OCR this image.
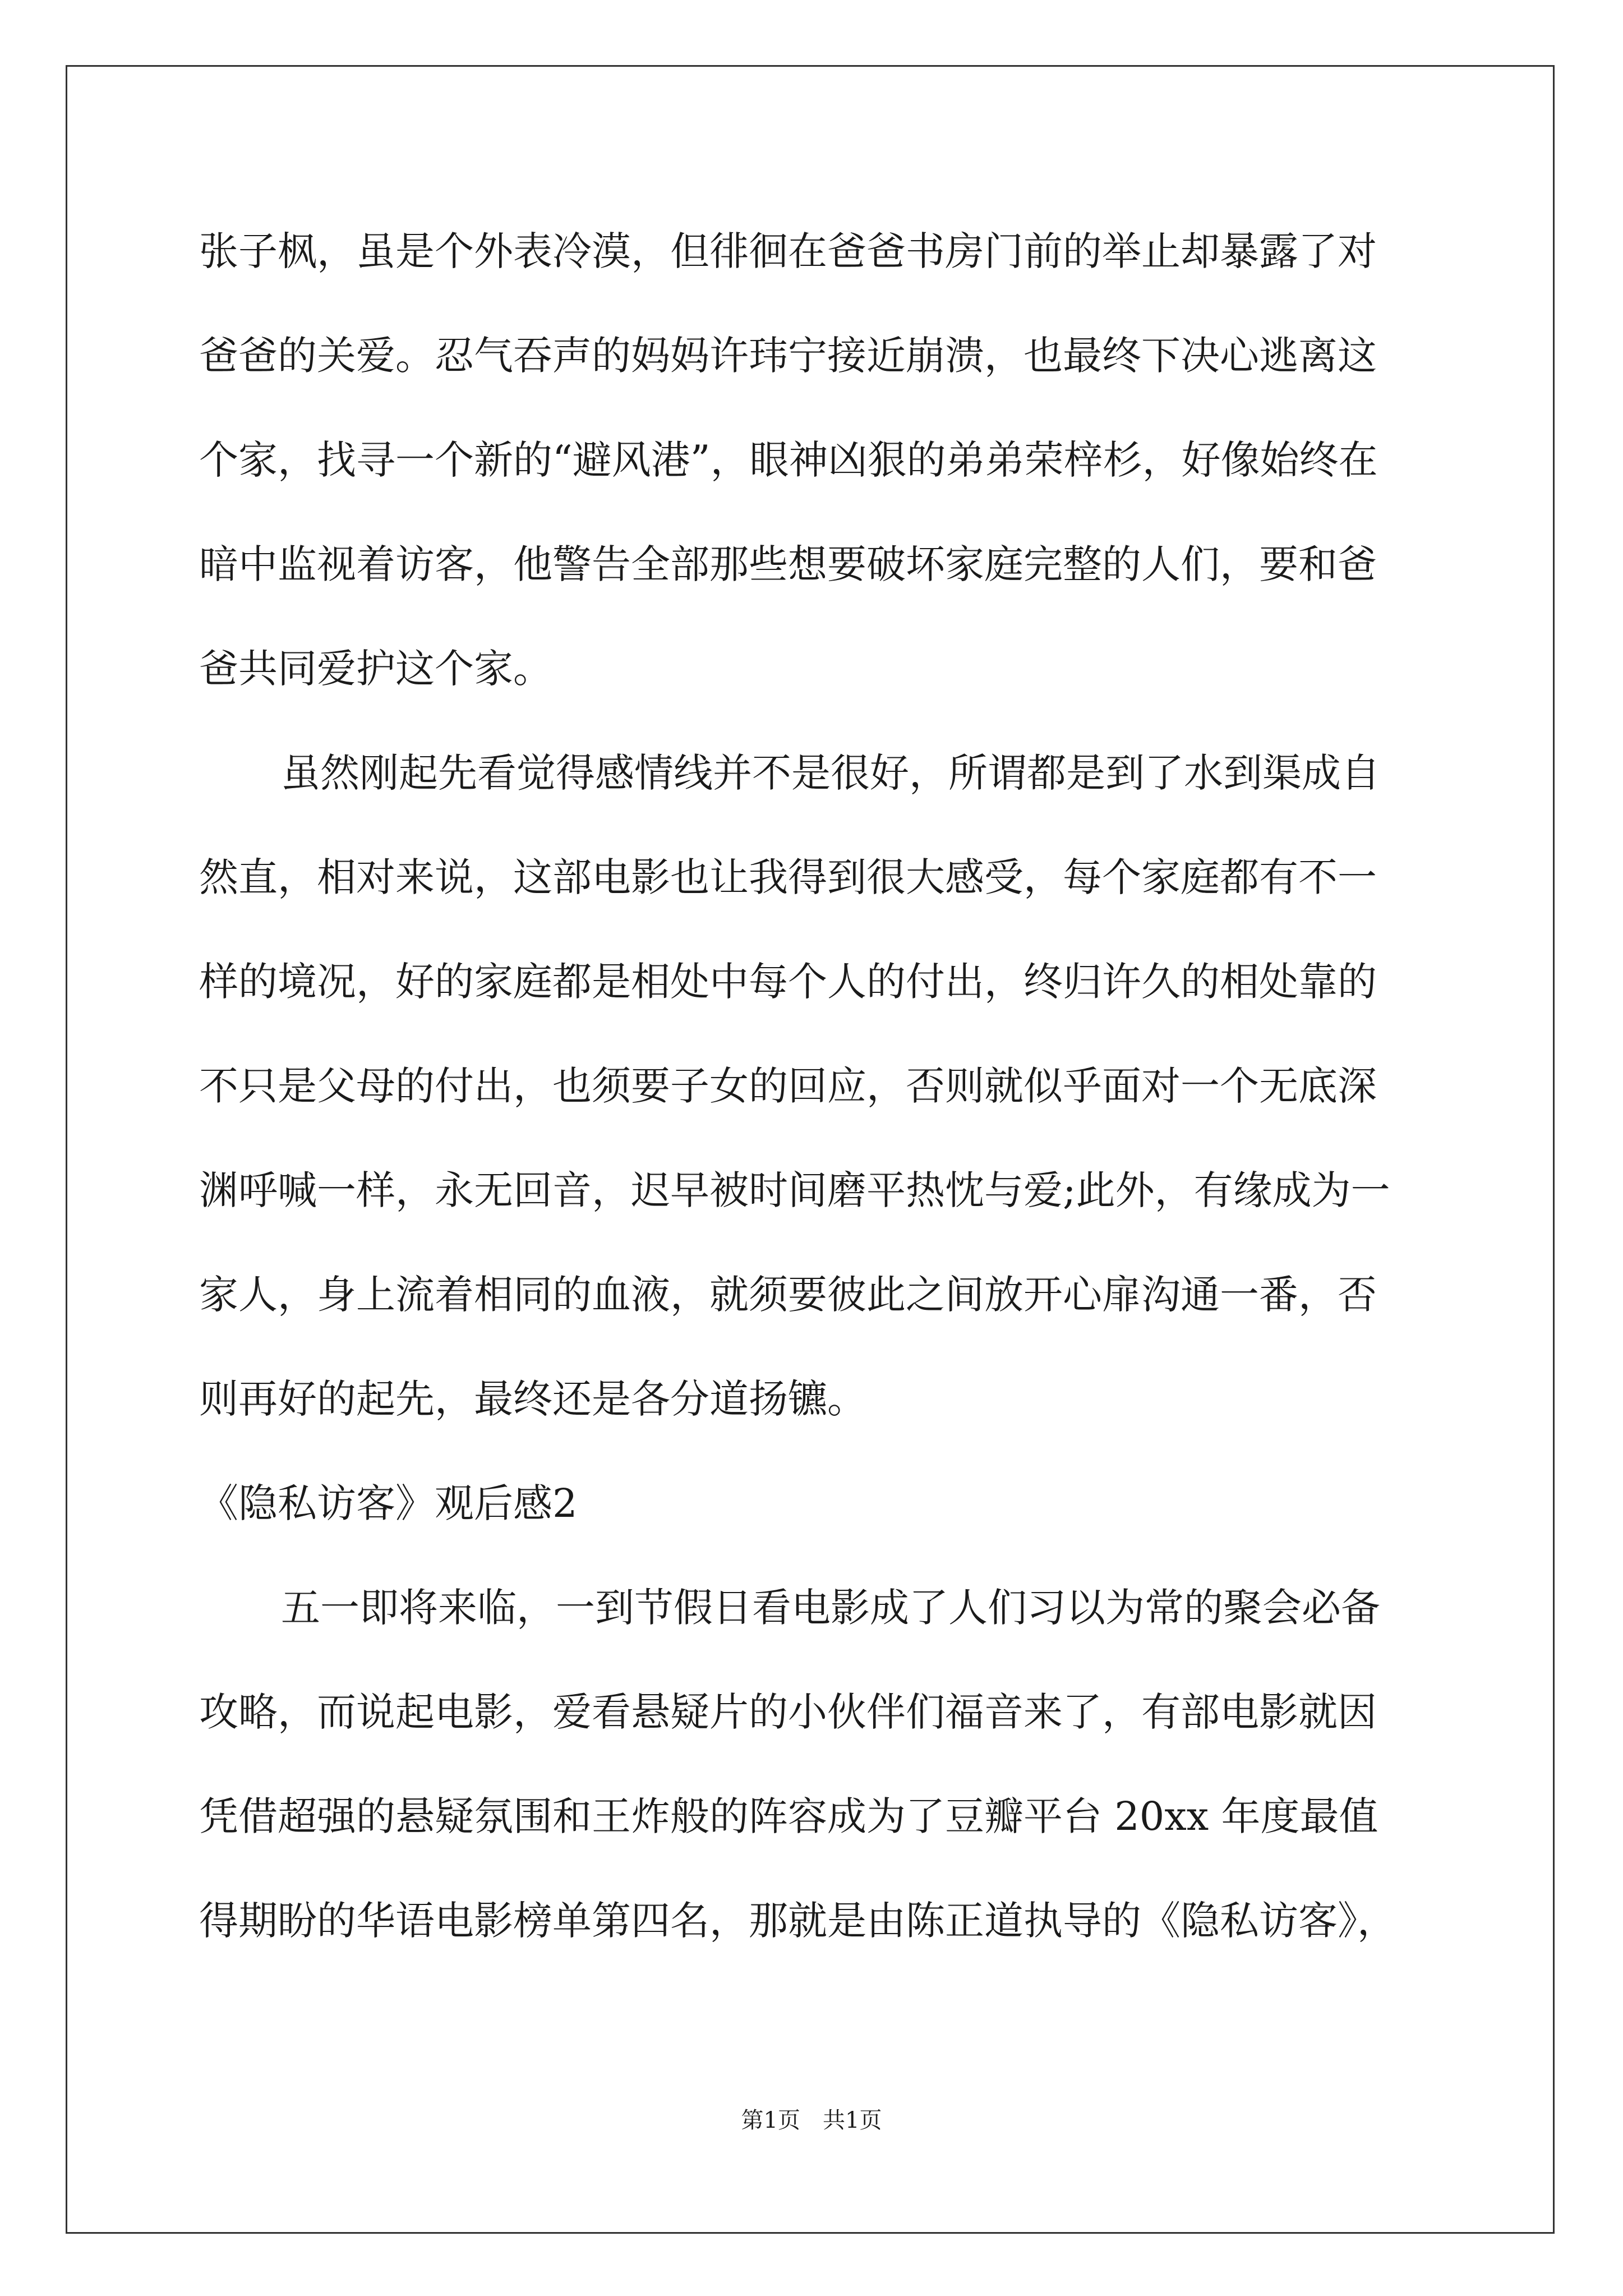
张子枫，虽是个外表冷漠，但徘徊在爸爸书房门前的举止却暴露了对
爸爸的关爱。忍气吞声的妈妈许玮宁接近崩溃，也最终下决心逃离这
个家，找寻一个新的“避风港”，眼神凶狠的弟弟荣梓杉，好像始终在
暗中监视着访客，他警告全部那些想要破坏家庭完整的人们，要和爸
爸共同爱护这个家。
虽然刚起先看觉得感情线并不是很好，所谓都是到了水到渠成自
然直，相对来说，这部电影也让我得到很大感受，每个家庭都有不一
样的境况，好的家庭都是相处中每个人的付出，终归许久的相处靠的
不只是父母的付出，也须要子女的回应，否则就似乎面对一个无底深
渊呼喊一样，永无回音，迟早被时间磨平热忱与爱;此外，有缘成为一
家人，身上流着相同的血液，就须要彼此之间放开心扉沟通一番，否
则再好的起先，最终还是各分道扬镳。
《隐私访客》观后感2
五一即将来临，一到节假日看电影成了人们习以为常的聚会必备
攻略，而说起电影，爱看悬疑片的小伙伴们福音来了，有部电影就因
凭借超强的悬疑氛围和王炸般的阵容成为了豆瓣平台 20xx 年度最值
得期盼的华语电影榜单第四名，那就是由陈正道执导的《隐私访客》，
第1页　共1页
